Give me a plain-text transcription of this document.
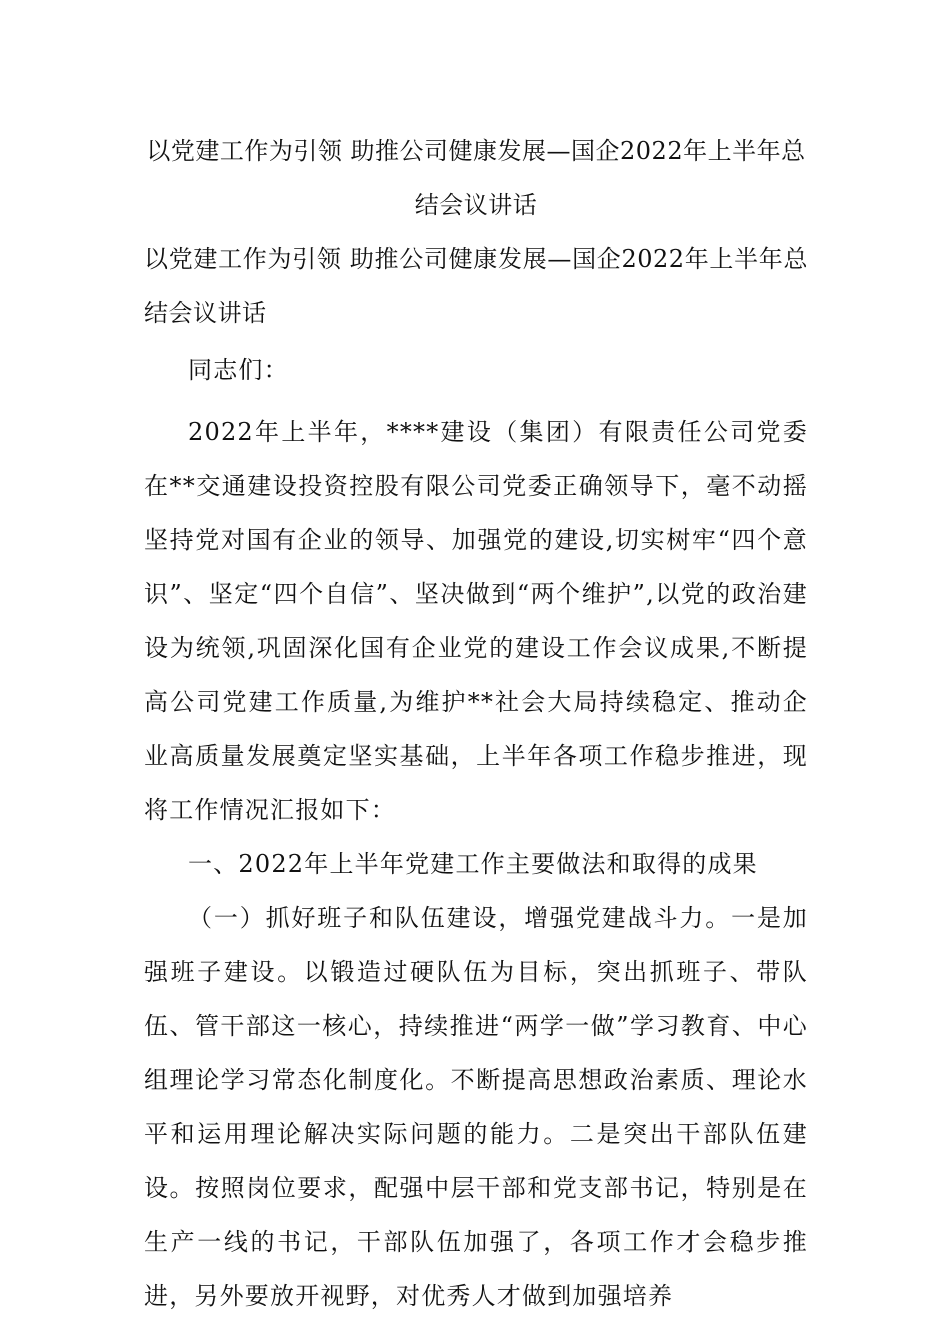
以党建工作为引领 助推公司健康发展—国企2022年上半年总结会议讲话

以党建工作为引领 助推公司健康发展—国企2022年上半年总结会议讲话

同志们：

2022年上半年，****建设（集团）有限责任公司党委在**交通建设投资控股有限公司党委正确领导下，毫不动摇坚持党对国有企业的领导、加强党的建设,切实树牢“四个意识”、坚定“四个自信”、坚决做到“两个维护”,以党的政治建设为统领,巩固深化国有企业党的建设工作会议成果,不断提高公司党建工作质量,为维护**社会大局持续稳定、推动企业高质量发展奠定坚实基础，上半年各项工作稳步推进，现将工作情况汇报如下：

一、2022年上半年党建工作主要做法和取得的成果

（一）抓好班子和队伍建设，增强党建战斗力。一是加强班子建设。以锻造过硬队伍为目标，突出抓班子、带队伍、管干部这一核心，持续推进“两学一做”学习教育、中心组理论学习常态化制度化。不断提高思想政治素质、理论水平和运用理论解决实际问题的能力。二是突出干部队伍建设。按照岗位要求，配强中层干部和党支部书记，特别是在生产一线的书记，干部队伍加强了，各项工作才会稳步推进，另外要放开视野，对优秀人才做到加强培养
